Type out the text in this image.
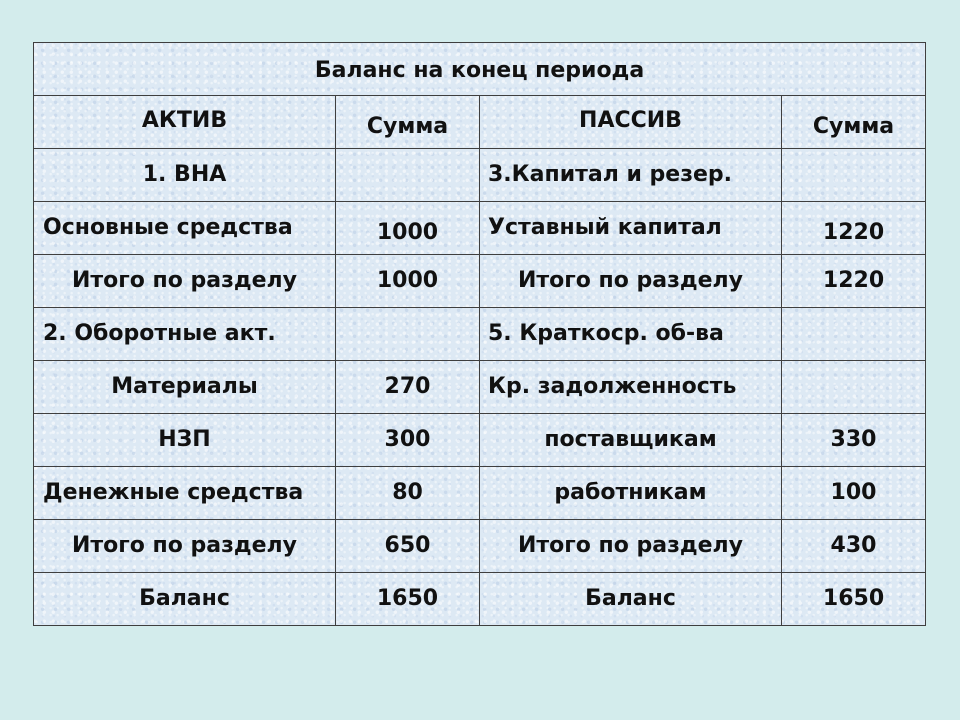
Баланс на конец периода			
АКТИВ	Сумма	ПАССИВ	Сумма
1. ВНА		3.Капитал и резер.	
Основные средства	1000	Уставный капитал	1220
Итого по разделу	1000	Итого по разделу	1220
2. Оборотные акт.		5. Краткоср. об-ва	
Материалы	270	Кр. задолженность	
НЗП	300	поставщикам	330
Денежные средства	80	работникам	100
Итого по разделу	650	Итого по разделу	430
Баланс	1650	Баланс	1650
